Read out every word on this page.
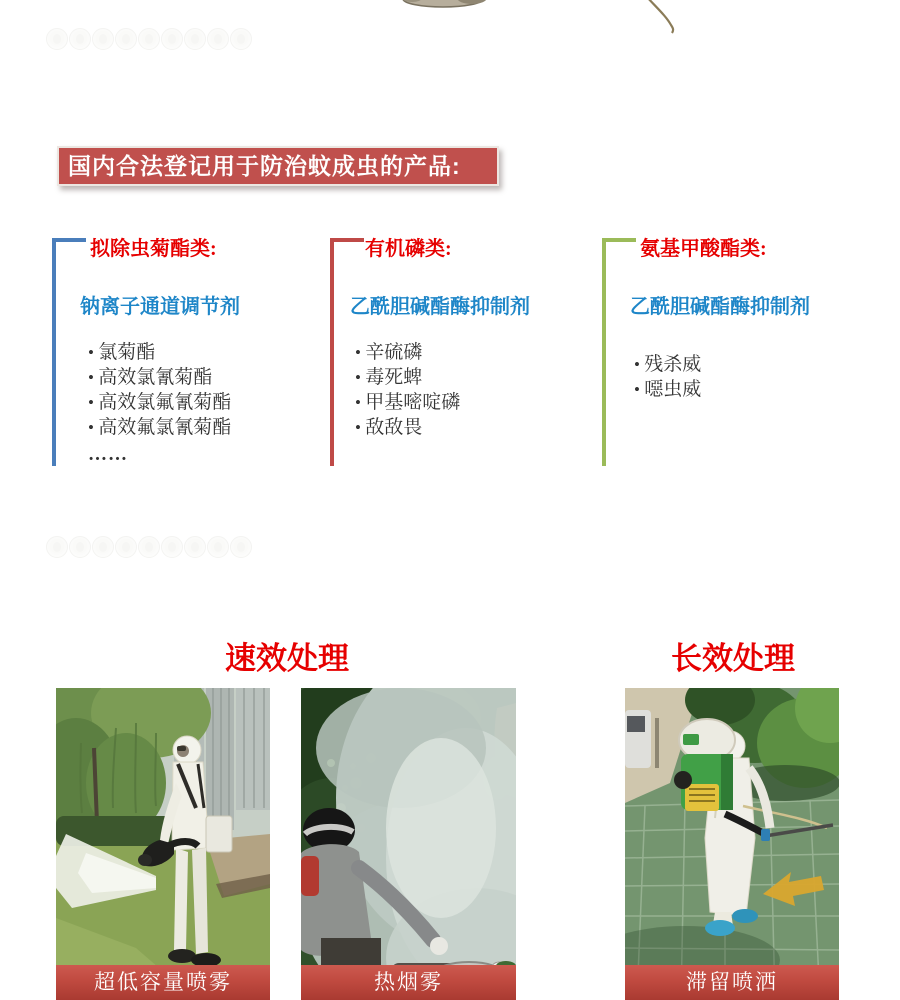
国内合法登记用于防治蚊成虫的产品:
拟除虫菊酯类:
钠离子通道调节剂
• 氯菊酯
• 高效氯氰菊酯
• 高效氯氟氰菊酯
• 高效氟氯氰菊酯
……
有机磷类:
乙酰胆碱酯酶抑制剂
• 辛硫磷
• 毒死蜱
• 甲基嘧啶磷
• 敌敌畏
氨基甲酸酯类:
乙酰胆碱酯酶抑制剂
• 残杀威
• 噁虫威
速效处理	长效处理
超低容量喷雾	热烟雾	滞留喷洒
